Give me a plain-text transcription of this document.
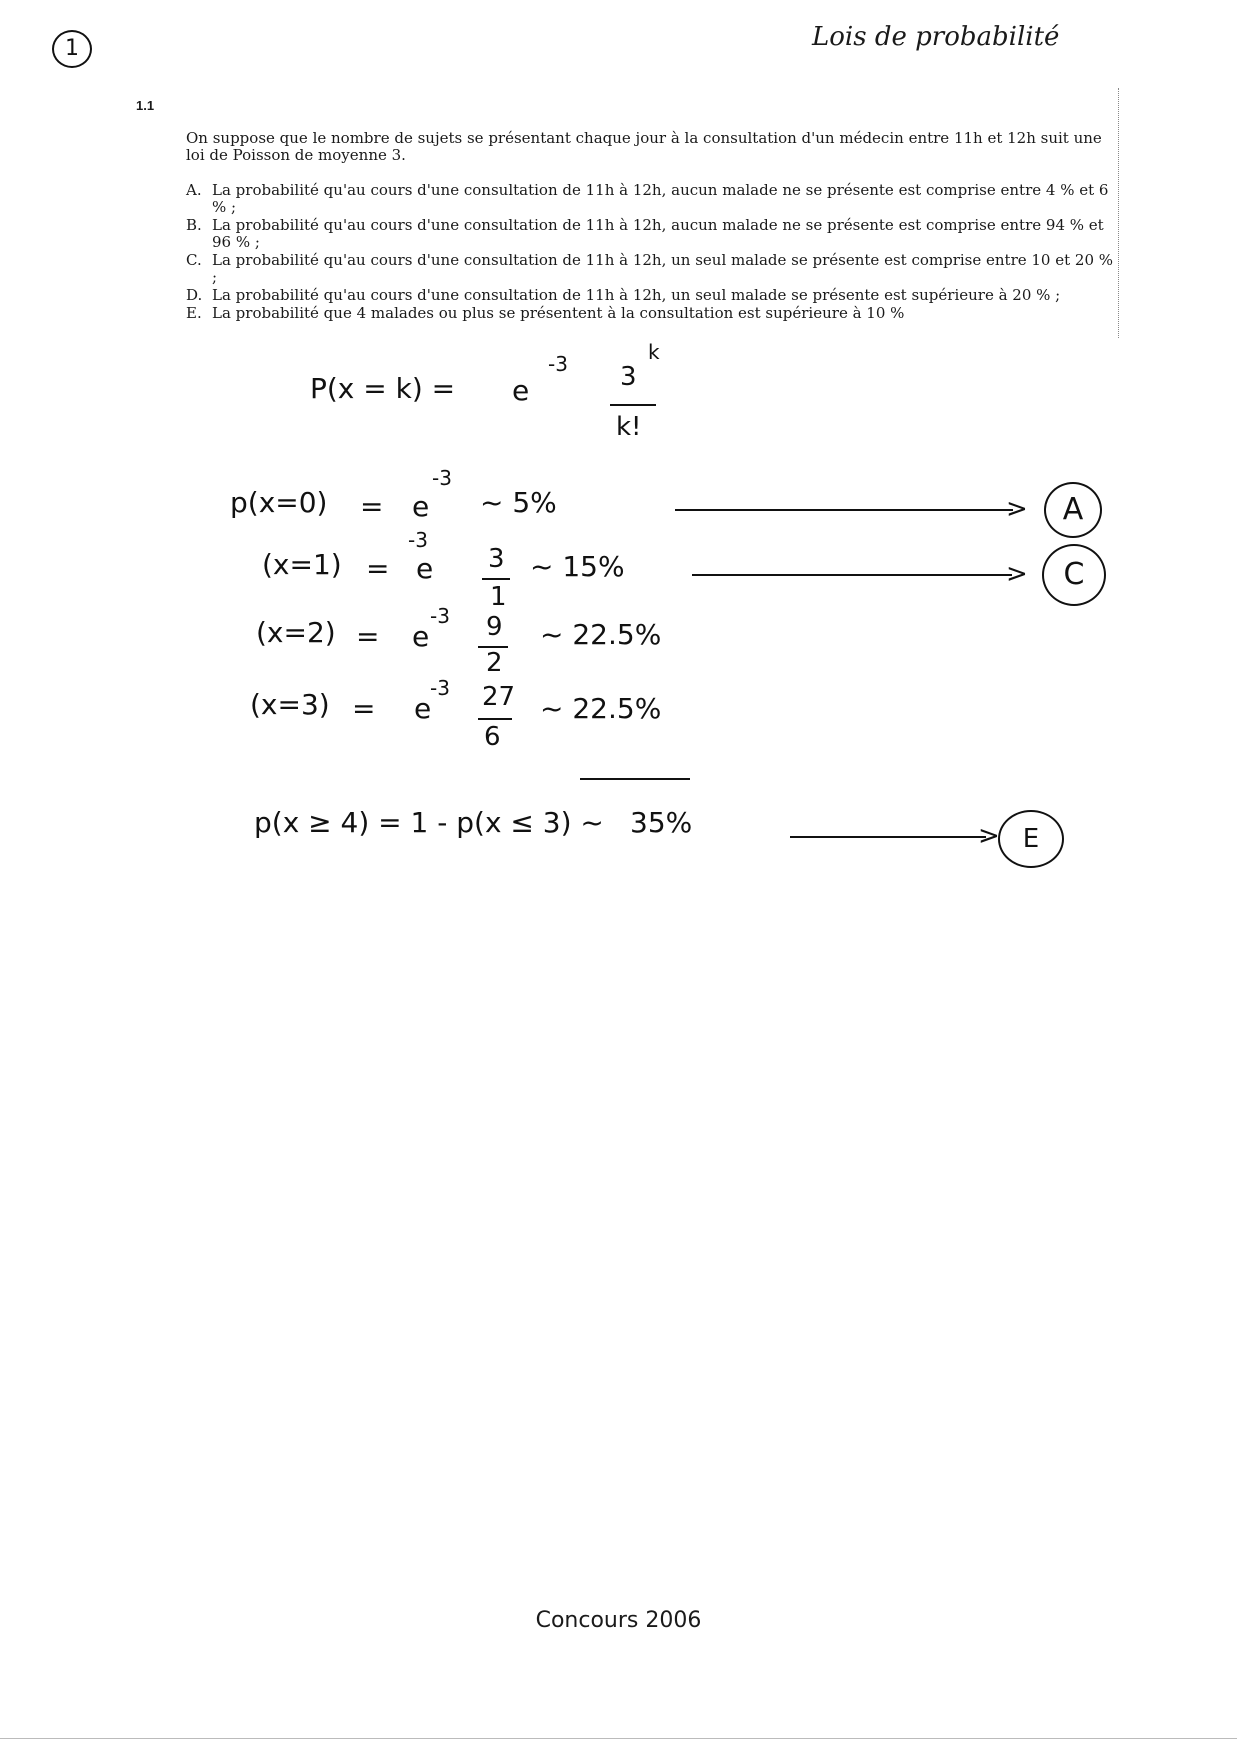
1	Lois de probabilité
1.1
On suppose que le nombre de sujets se présentant chaque jour à la consultation d'un médecin entre 11h et 12h suit une loi de Poisson de moyenne 3.
A. La probabilité qu'au cours d'une consultation de 11h à 12h, aucun malade ne se présente est comprise entre 4 % et 6 % ;
B. La probabilité qu'au cours d'une consultation de 11h à 12h, aucun malade ne se présente est comprise entre 94 % et 96 % ;
C. La probabilité qu'au cours d'une consultation de 11h à 12h, un seul malade se présente est comprise entre 10 et 20 % ;
D. La probabilité qu'au cours d'une consultation de 11h à 12h, un seul malade se présente est supérieure à 20 % ;
E. La probabilité que 4 malades ou plus se présentent à la consultation est supérieure à 10 %
P(x = k) = e
-3 3
k
k!
p(x=0) = e
-3
~ 5%	>	A
(x=1) = e
-3
3
1
~ 15%	>	C
(x=2) = e
-3 9
2
~ 22.5%
(x=3) = e
-3 27
6
~ 22.5%
p(x ≥ 4) = 1 - p(x ≤ 3) ~ 35%	> E
Concours 2006
